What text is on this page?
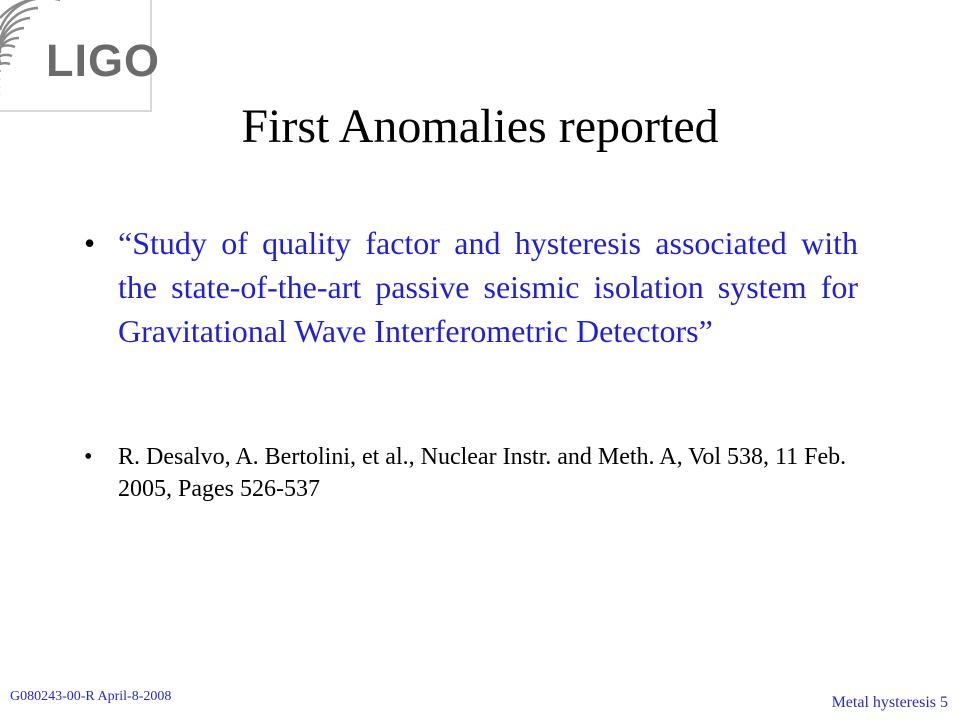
LIGO
First Anomalies reported
• “Study of quality factor and hysteresis associated with the state-of-the-art passive seismic isolation system for Gravitational Wave Interferometric Detectors”
• R. Desalvo, A. Bertolini, et al., Nuclear Instr. and Meth. A, Vol 538, 11 Feb. 2005, Pages 526-537
G080243-00-R April-8-2008	Metal hysteresis 5
